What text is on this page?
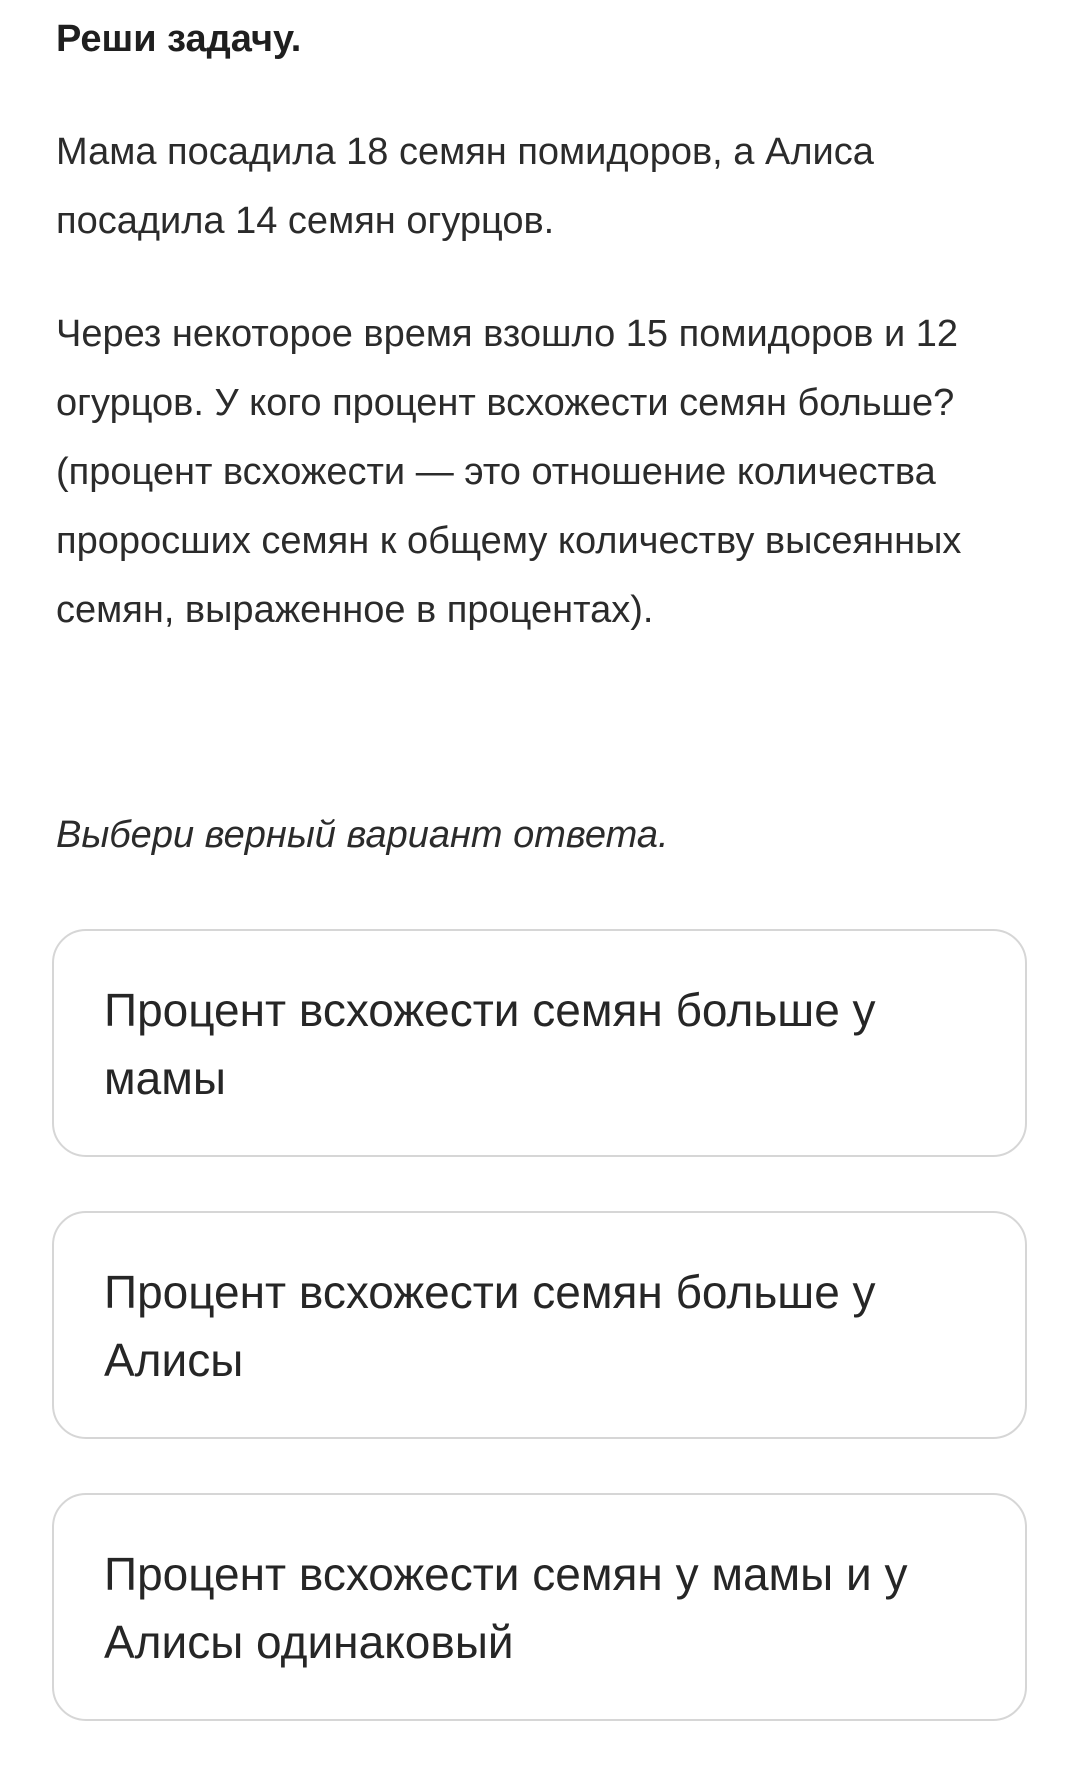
Реши задачу.

Мама посадила 18 семян помидоров, а Алиса посадила 14 семян огурцов.

Через некоторое время взошло 15 помидоров и 12 огурцов. У кого процент всхожести семян больше? (процент всхожести — это отношение количества проросших семян к общему количеству высеянных семян, выраженное в процентах).

Выбери верный вариант ответа.

Процент всхожести семян больше у мамы
Процент всхожести семян больше у Алисы
Процент всхожести семян у мамы и у Алисы одинаковый
